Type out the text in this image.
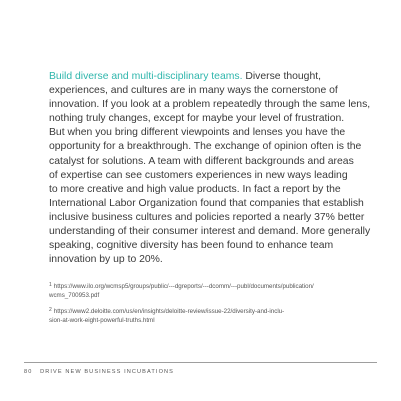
Build diverse and multi-disciplinary teams. Diverse thought,
experiences, and cultures are in many ways the cornerstone of
innovation. If you look at a problem repeatedly through the same lens,
nothing truly changes, except for maybe your level of frustration.
But when you bring different viewpoints and lenses you have the
opportunity for a breakthrough. The exchange of opinion often is the
catalyst for solutions. A team with different backgrounds and areas
of expertise can see customers experiences in new ways leading
to more creative and high value products. In fact a report by the
International Labor Organization found that companies that establish
inclusive business cultures and policies reported a nearly 37% better
understanding of their consumer interest and demand. More generally
speaking, cognitive diversity has been found to enhance team
innovation by up to 20%.
$^1$ https://www.ilo.org/wcmsp5/groups/public/---dgreports/---dcomm/---publ/documents/publication/
wcms_700953.pdf
$^2$ https://www2.deloitte.com/us/en/insights/deloitte-review/issue-22/diversity-and-inclu-
sion-at-work-eight-powerful-truths.html
80 DRIVE NEW BUSINESS INCUBATIONS
